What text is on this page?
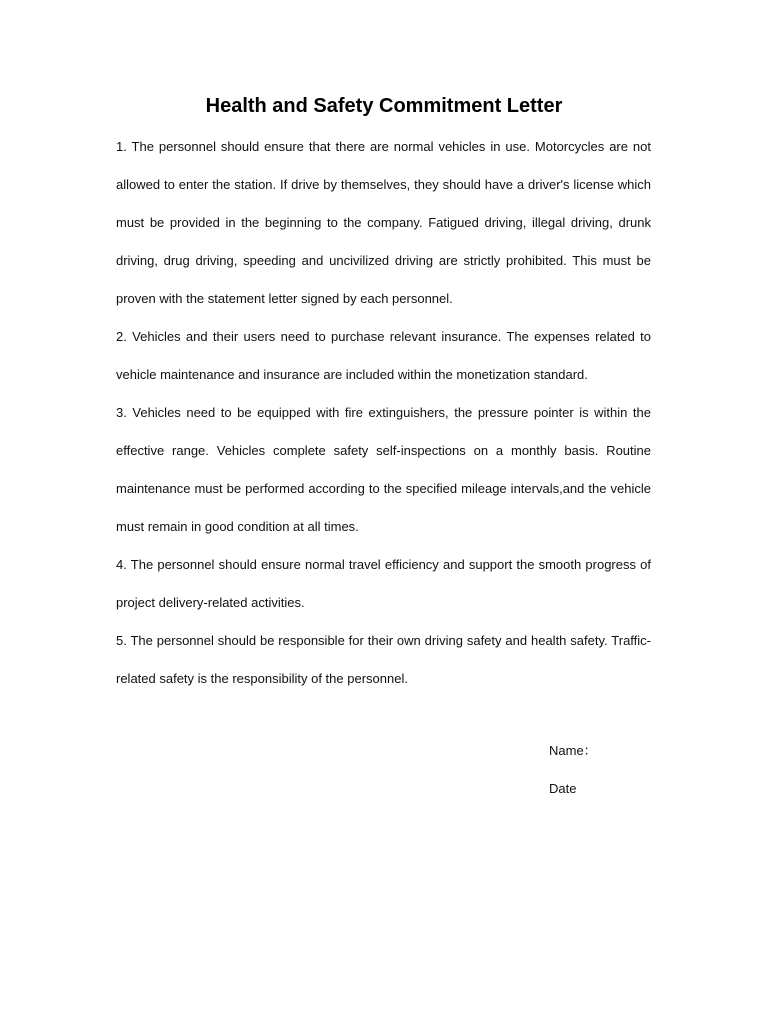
Health and Safety Commitment Letter

1. The personnel should ensure that there are normal vehicles in use. Motorcycles are not allowed to enter the station. If drive by themselves, they should have a driver's license which must be provided in the beginning to the company. Fatigued driving, illegal driving, drunk driving, drug driving, speeding and uncivilized driving are strictly prohibited. This must be proven with the statement letter signed by each personnel.

2. Vehicles and their users need to purchase relevant insurance. The expenses related to vehicle maintenance and insurance are included within the monetization standard.

3. Vehicles need to be equipped with fire extinguishers, the pressure pointer is within the effective range. Vehicles complete safety self-inspections on a monthly basis. Routine maintenance must be performed according to the specified mileage intervals,and the vehicle must remain in good condition at all times.

4. The personnel should ensure normal travel efficiency and support the smooth progress of project delivery-related activities.

5. The personnel should be responsible for their own driving safety and health safety. Traffic-related safety is the responsibility of the personnel.

Name：

Date
